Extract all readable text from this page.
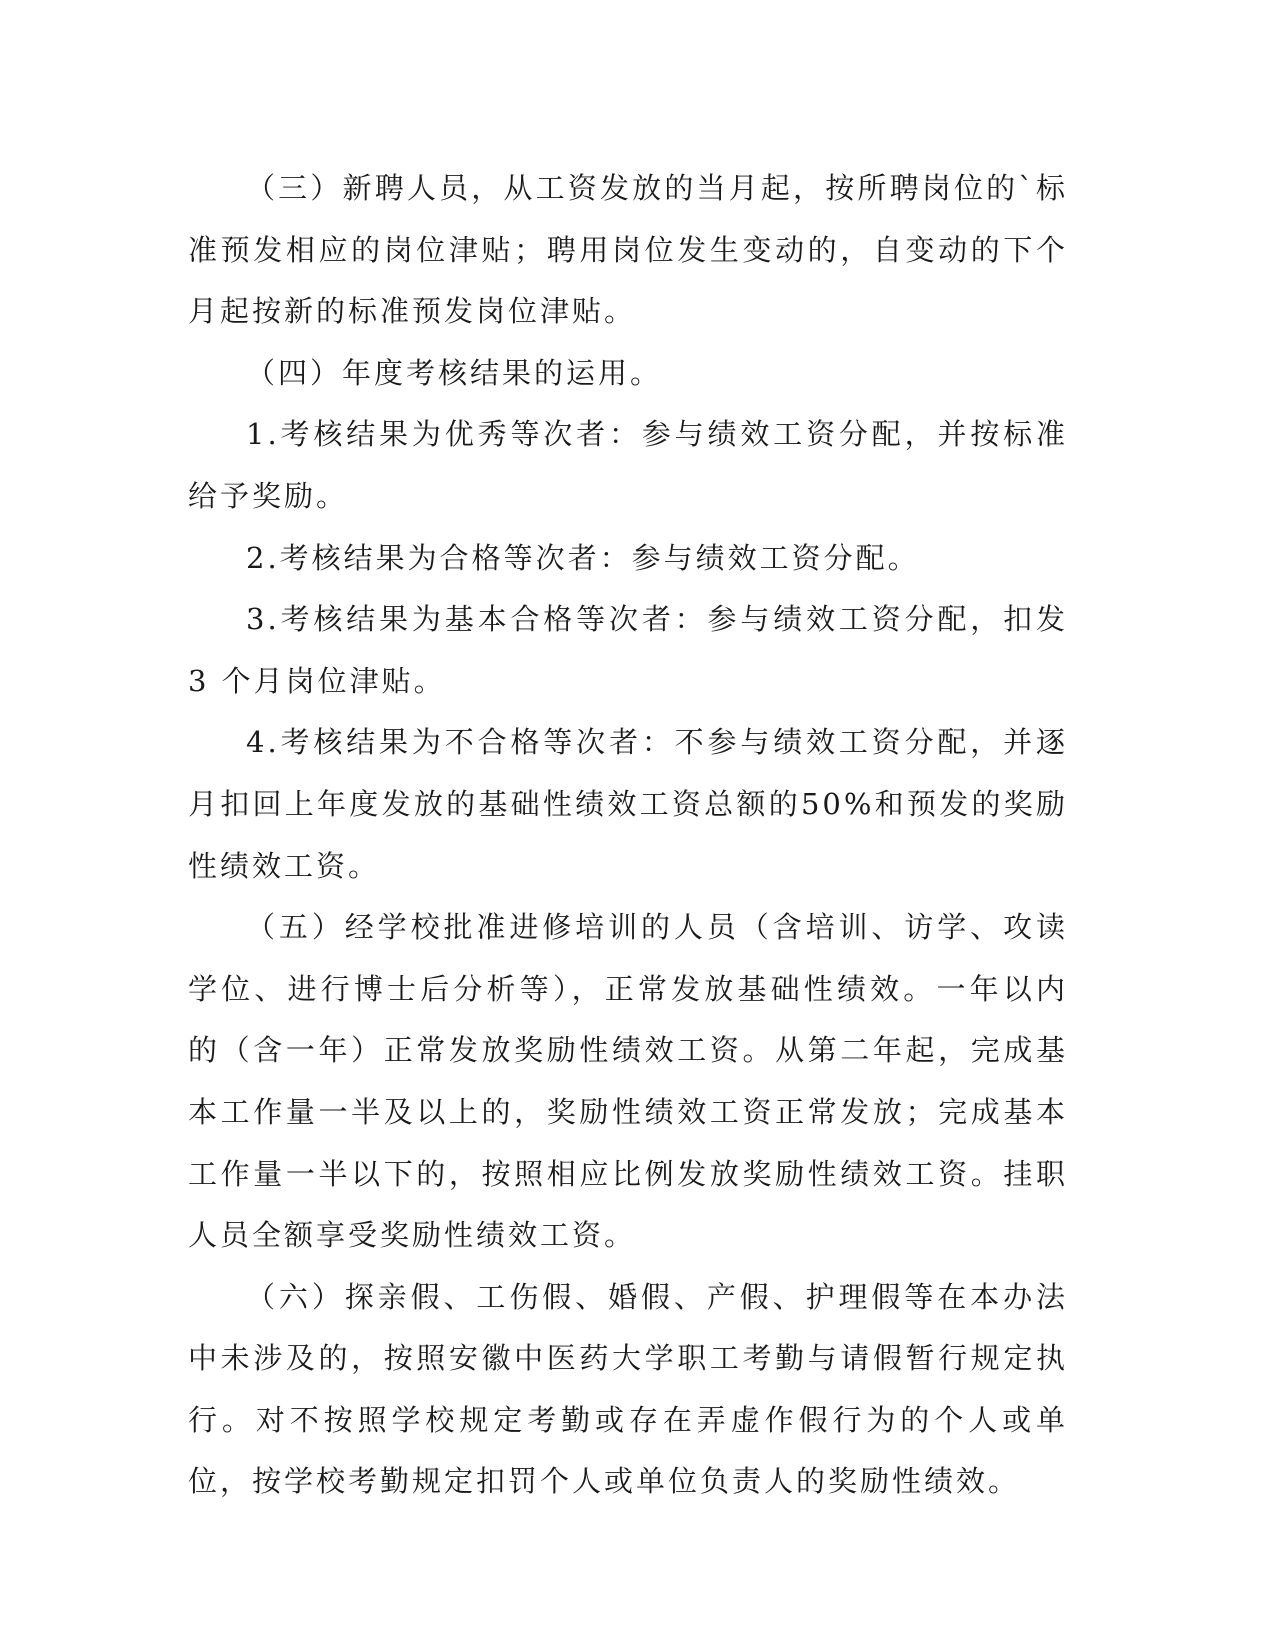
（三）新聘人员，从工资发放的当月起，按所聘岗位的`标准预发相应的岗位津贴；聘用岗位发生变动的，自变动的下个月起按新的标准预发岗位津贴。

（四）年度考核结果的运用。

1.考核结果为优秀等次者：参与绩效工资分配，并按标准给予奖励。

2.考核结果为合格等次者：参与绩效工资分配。

3.考核结果为基本合格等次者：参与绩效工资分配，扣发 3 个月岗位津贴。

4.考核结果为不合格等次者：不参与绩效工资分配，并逐月扣回上年度发放的基础性绩效工资总额的50%和预发的奖励性绩效工资。

（五）经学校批准进修培训的人员（含培训、访学、攻读学位、进行博士后分析等），正常发放基础性绩效。一年以内的（含一年）正常发放奖励性绩效工资。从第二年起，完成基本工作量一半及以上的，奖励性绩效工资正常发放；完成基本工作量一半以下的，按照相应比例发放奖励性绩效工资。挂职人员全额享受奖励性绩效工资。

（六）探亲假、工伤假、婚假、产假、护理假等在本办法中未涉及的，按照安徽中医药大学职工考勤与请假暂行规定执行。对不按照学校规定考勤或存在弄虚作假行为的个人或单位，按学校考勤规定扣罚个人或单位负责人的奖励性绩效。
